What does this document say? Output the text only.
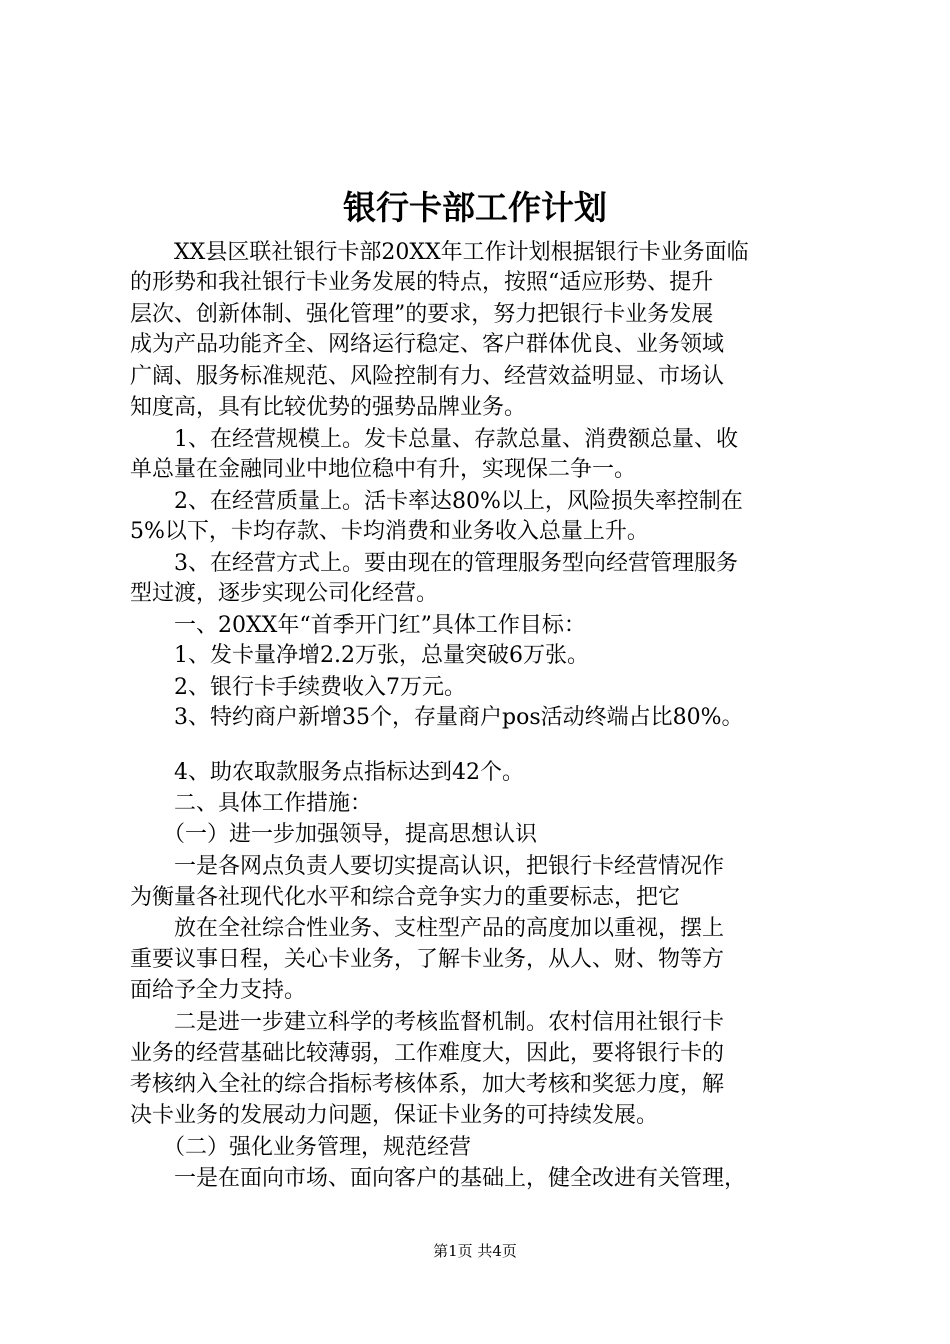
银行卡部工作计划

　　XX县区联社银行卡部20XX年工作计划根据银行卡业务面临

的形势和我社银行卡业务发展的特点，按照“适应形势、提升

层次、创新体制、强化管理”的要求，努力把银行卡业务发展

成为产品功能齐全、网络运行稳定、客户群体优良、业务领域

广阔、服务标准规范、风险控制有力、经营效益明显、市场认

知度高，具有比较优势的强势品牌业务。

　　1、在经营规模上。发卡总量、存款总量、消费额总量、收

单总量在金融同业中地位稳中有升，实现保二争一。

　　2、在经营质量上。活卡率达80%以上，风险损失率控制在

5%以下，卡均存款、卡均消费和业务收入总量上升。

　　3、在经营方式上。要由现在的管理服务型向经营管理服务

型过渡，逐步实现公司化经营。

　　一、20XX年“首季开门红”具体工作目标：

　　1、发卡量净增2.2万张，总量突破6万张。

　　2、银行卡手续费收入7万元。

　　3、特约商户新增35个，存量商户pos活动终端占比80%。

　　4、助农取款服务点指标达到42个。

　　二、具体工作措施：

　　（一）进一步加强领导，提高思想认识

　　一是各网点负责人要切实提高认识，把银行卡经营情况作

为衡量各社现代化水平和综合竞争实力的重要标志，把它

　　放在全社综合性业务、支柱型产品的高度加以重视，摆上

重要议事日程，关心卡业务，了解卡业务，从人、财、物等方

面给予全力支持。

　　二是进一步建立科学的考核监督机制。农村信用社银行卡

业务的经营基础比较薄弱，工作难度大，因此，要将银行卡的

考核纳入全社的综合指标考核体系，加大考核和奖惩力度，解

决卡业务的发展动力问题，保证卡业务的可持续发展。

　　（二）强化业务管理，规范经营

　　一是在面向市场、面向客户的基础上，健全改进有关管理，

第1页 共4页
